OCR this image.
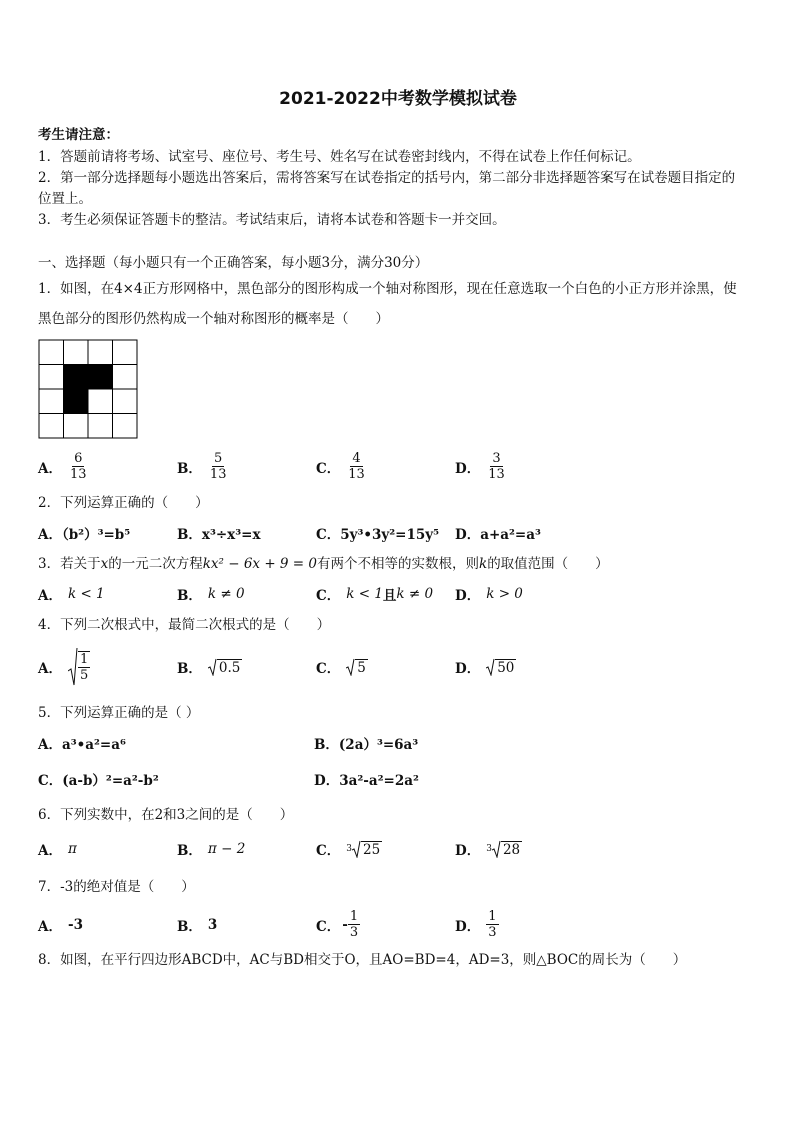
2021-2022中考数学模拟试卷

考生请注意：

1．答题前请将考场、试室号、座位号、考生号、姓名写在试卷密封线内，不得在试卷上作任何标记。

2．第一部分选择题每小题选出答案后，需将答案写在试卷指定的括号内，第二部分非选择题答案写在试卷题目指定的

位置上。

3．考生必须保证答题卡的整洁。考试结束后，请将本试卷和答题卡一并交回。

一、选择题（每小题只有一个正确答案，每小题3分，满分30分）
1．如图，在4×4正方形网格中，黑色部分的图形构成一个轴对称图形，现在任意选取一个白色的小正方形并涂黑，使
黑色部分的图形仍然构成一个轴对称图形的概率是（　　）
A． $\frac{6}{13}$	B． $\frac{5}{13}$	C． $\frac{4}{13}$	D． $\frac{3}{13}$
2．下列运算正确的（　　）
A．（b²）³=b⁵	B．x³÷x³=x	C．5y³•3y²=15y⁵	D．a+a²=a³
3．若关于x的一元二次方程kx² − 6x + 9 = 0有两个不相等的实数根，则k的取值范围（　　）
A． k < 1	B． k ≠ 0	C． k < 1 且 k ≠ 0 D． k > 0
4．下列二次根式中，最简二次根式的是（　　）
A． $\frac{1}{5}$	B． 0.5	C． 5	D． 50
5．下列运算正确的是（ ）
A．a³•a²=a⁶	B．(2a）³=6a³
C．(a-b）²=a²-b²	D．3a²-a²=2a²
6．下列实数中，在2和3之间的是（　　）
A． π	B． π − 2	C． 3 25	D． 3 28
7．-3的绝对值是（　　）
A． -3	B． 3	C． - $\frac{1}{3}$	D． $\frac{1}{3}$
8．如图，在平行四边形ABCD中，AC与BD相交于O，且AO=BD=4，AD=3，则△BOC的周长为（　　）
